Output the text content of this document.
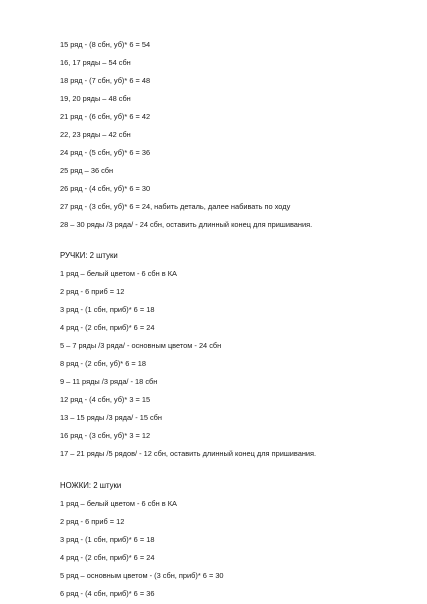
15 ряд - (8 сбн, уб)* 6 = 54
16, 17 ряды – 54 сбн
18 ряд - (7 сбн, уб)* 6 = 48
19, 20 ряды – 48 сбн
21 ряд - (6 сбн, уб)* 6 = 42
22, 23 ряды – 42 сбн
24 ряд - (5 сбн, уб)* 6 = 36
25 ряд – 36 сбн
26 ряд - (4 сбн, уб)* 6 = 30
27 ряд - (3 сбн, уб)* 6 = 24, набить деталь, далее набивать по ходу
28 – 30 ряды /3 ряда/ - 24 сбн, оставить длинный конец для пришивания.
РУЧКИ: 2 штуки
1 ряд – белый цветом - 6 сбн в КА
2 ряд - 6 приб = 12
3 ряд - (1 сбн, приб)* 6 = 18
4 ряд - (2 сбн, приб)* 6 = 24
5 – 7 ряды /3 ряда/ - основным цветом - 24 сбн
8 ряд - (2 сбн, уб)* 6 = 18
9 – 11 ряды /3 ряда/ - 18 сбн
12 ряд - (4 сбн, уб)* 3 = 15
13 – 15 ряды /3 ряда/ - 15 сбн
16 ряд - (3 сбн, уб)* 3 = 12
17 – 21 ряды /5 рядов/ - 12 сбн, оставить длинный конец для пришивания.
НОЖКИ: 2 штуки
1 ряд – белый цветом - 6 сбн в КА
2 ряд - 6 приб = 12
3 ряд - (1 сбн, приб)* 6 = 18
4 ряд - (2 сбн, приб)* 6 = 24
5 ряд – основным цветом - (3 сбн, приб)* 6 = 30
6 ряд - (4 сбн, приб)* 6 = 36
